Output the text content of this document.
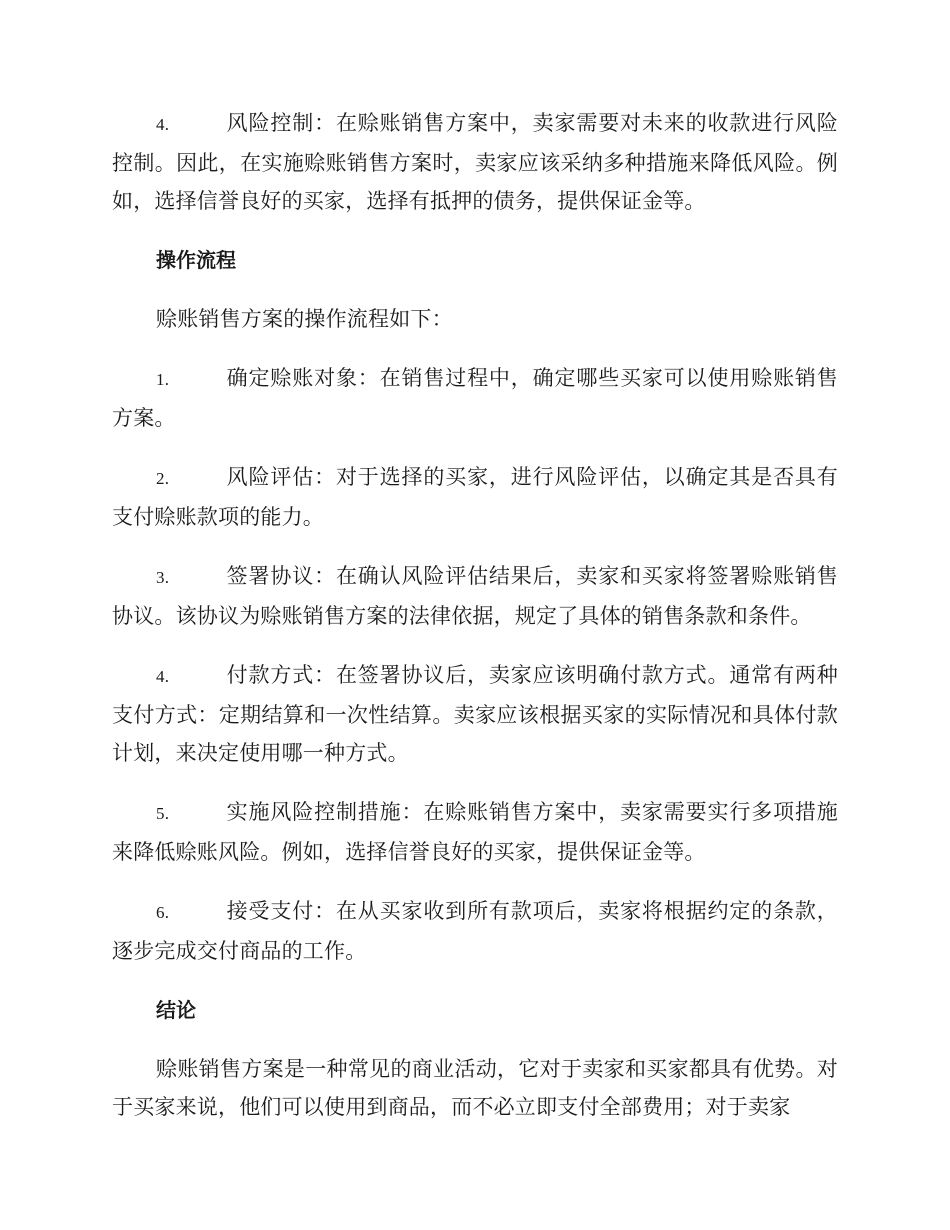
4.	风险控制：在赊账销售方案中，卖家需要对未来的收款进行风险控制。因此，在实施赊账销售方案时，卖家应该采纳多种措施来降低风险。例如，选择信誉良好的买家，选择有抵押的债务，提供保证金等。

操作流程

赊账销售方案的操作流程如下：

1.	确定赊账对象：在销售过程中，确定哪些买家可以使用赊账销售方案。

2.	风险评估：对于选择的买家，进行风险评估，以确定其是否具有支付赊账款项的能力。

3.	签署协议：在确认风险评估结果后，卖家和买家将签署赊账销售协议。该协议为赊账销售方案的法律依据，规定了具体的销售条款和条件。

4.	付款方式：在签署协议后，卖家应该明确付款方式。通常有两种支付方式：定期结算和一次性结算。卖家应该根据买家的实际情况和具体付款计划，来决定使用哪一种方式。

5.	实施风险控制措施：在赊账销售方案中，卖家需要实行多项措施来降低赊账风险。例如，选择信誉良好的买家，提供保证金等。

6.	接受支付：在从买家收到所有款项后，卖家将根据约定的条款，逐步完成交付商品的工作。

结论

赊账销售方案是一种常见的商业活动，它对于卖家和买家都具有优势。对于买家来说，他们可以使用到商品，而不必立即支付全部费用；对于卖家
